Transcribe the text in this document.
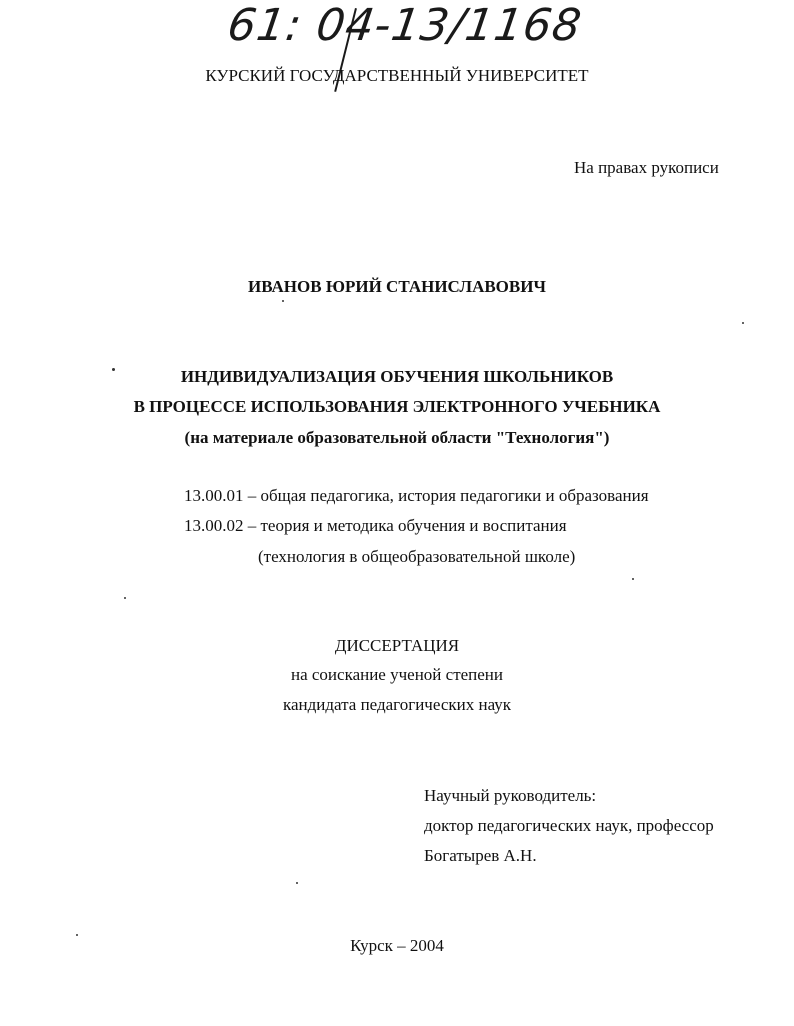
61: 04-13/1168
КУРСКИЙ ГОСУДАРСТВЕННЫЙ УНИВЕРСИТЕТ
На правах рукописи
ИВАНОВ ЮРИЙ СТАНИСЛАВОВИЧ
ИНДИВИДУАЛИЗАЦИЯ ОБУЧЕНИЯ ШКОЛЬНИКОВ
В ПРОЦЕССЕ ИСПОЛЬЗОВАНИЯ ЭЛЕКТРОННОГО УЧЕБНИКА
(на материале образовательной области "Технология")
13.00.01 – общая педагогика, история педагогики и образования
13.00.02 – теория и методика обучения и воспитания
(технология в общеобразовательной школе)
ДИССЕРТАЦИЯ
на соискание ученой степени
кандидата педагогических наук
Научный руководитель:
доктор педагогических наук, профессор
Богатырев А.Н.
Курск – 2004
